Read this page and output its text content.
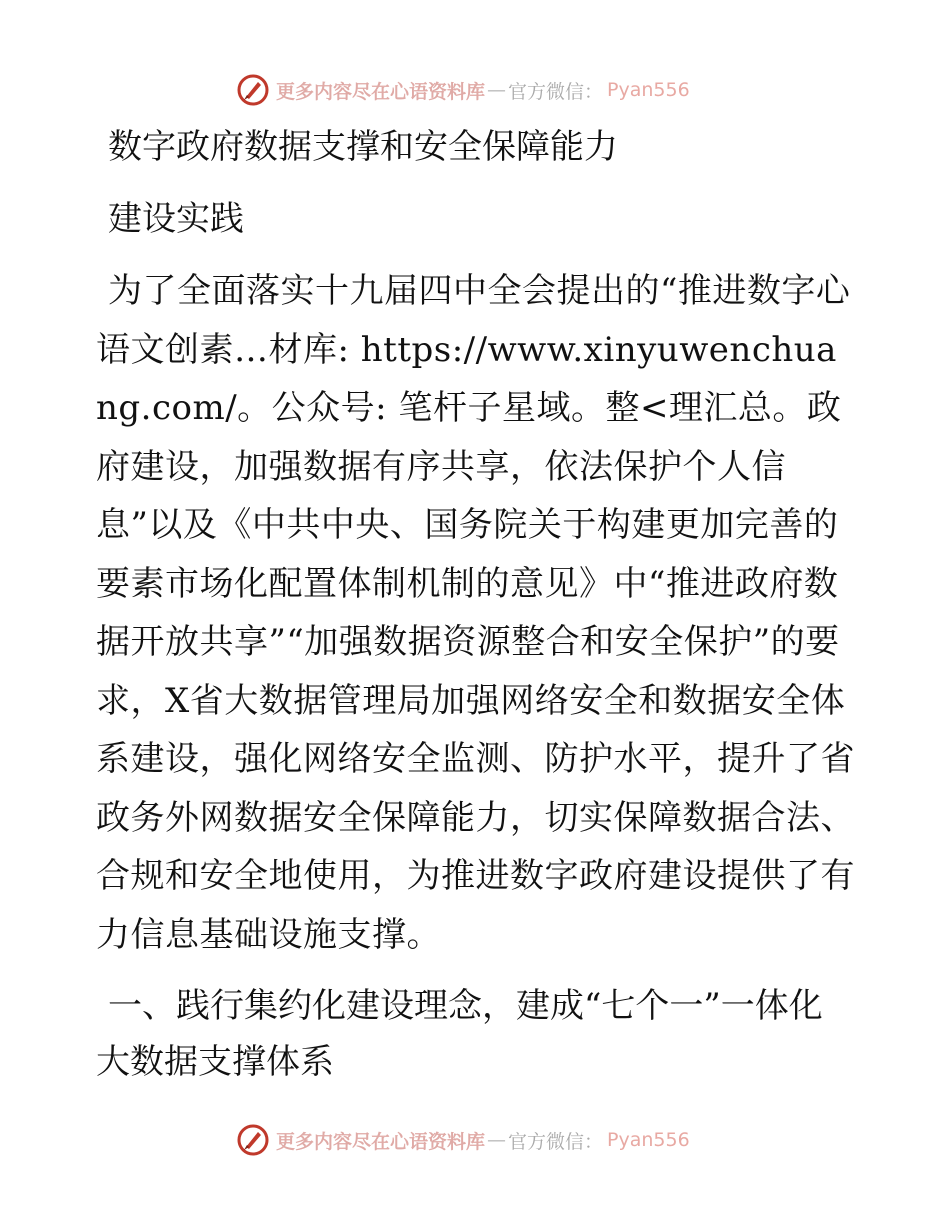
更多内容尽在心语资料库 — 官方微信： Pyan556
数字政府数据支撑和安全保障能力
建设实践

为了全面落实十九届四中全会提出的“推进数字心语文创素…材库: https://www.xinyuwenchuang.com/。公众号: 笔杆子星域。整<理汇总。政府建设，加强数据有序共享，依法保护个人信息”以及《中共中央、国务院关于构建更加完善的要素市场化配置体制机制的意见》中“推进政府数据开放共享”“加强数据资源整合和安全保护”的要求，X省大数据管理局加强网络安全和数据安全体系建设，强化网络安全监测、防护水平，提升了省政务外网数据安全保障能力，切实保障数据合法、合规和安全地使用，为推进数字政府建设提供了有力信息基础设施支撑。

一、践行集约化建设理念，建成“七个一”一体化大数据支撑体系

更多内容尽在心语资料库 — 官方微信： Pyan556
